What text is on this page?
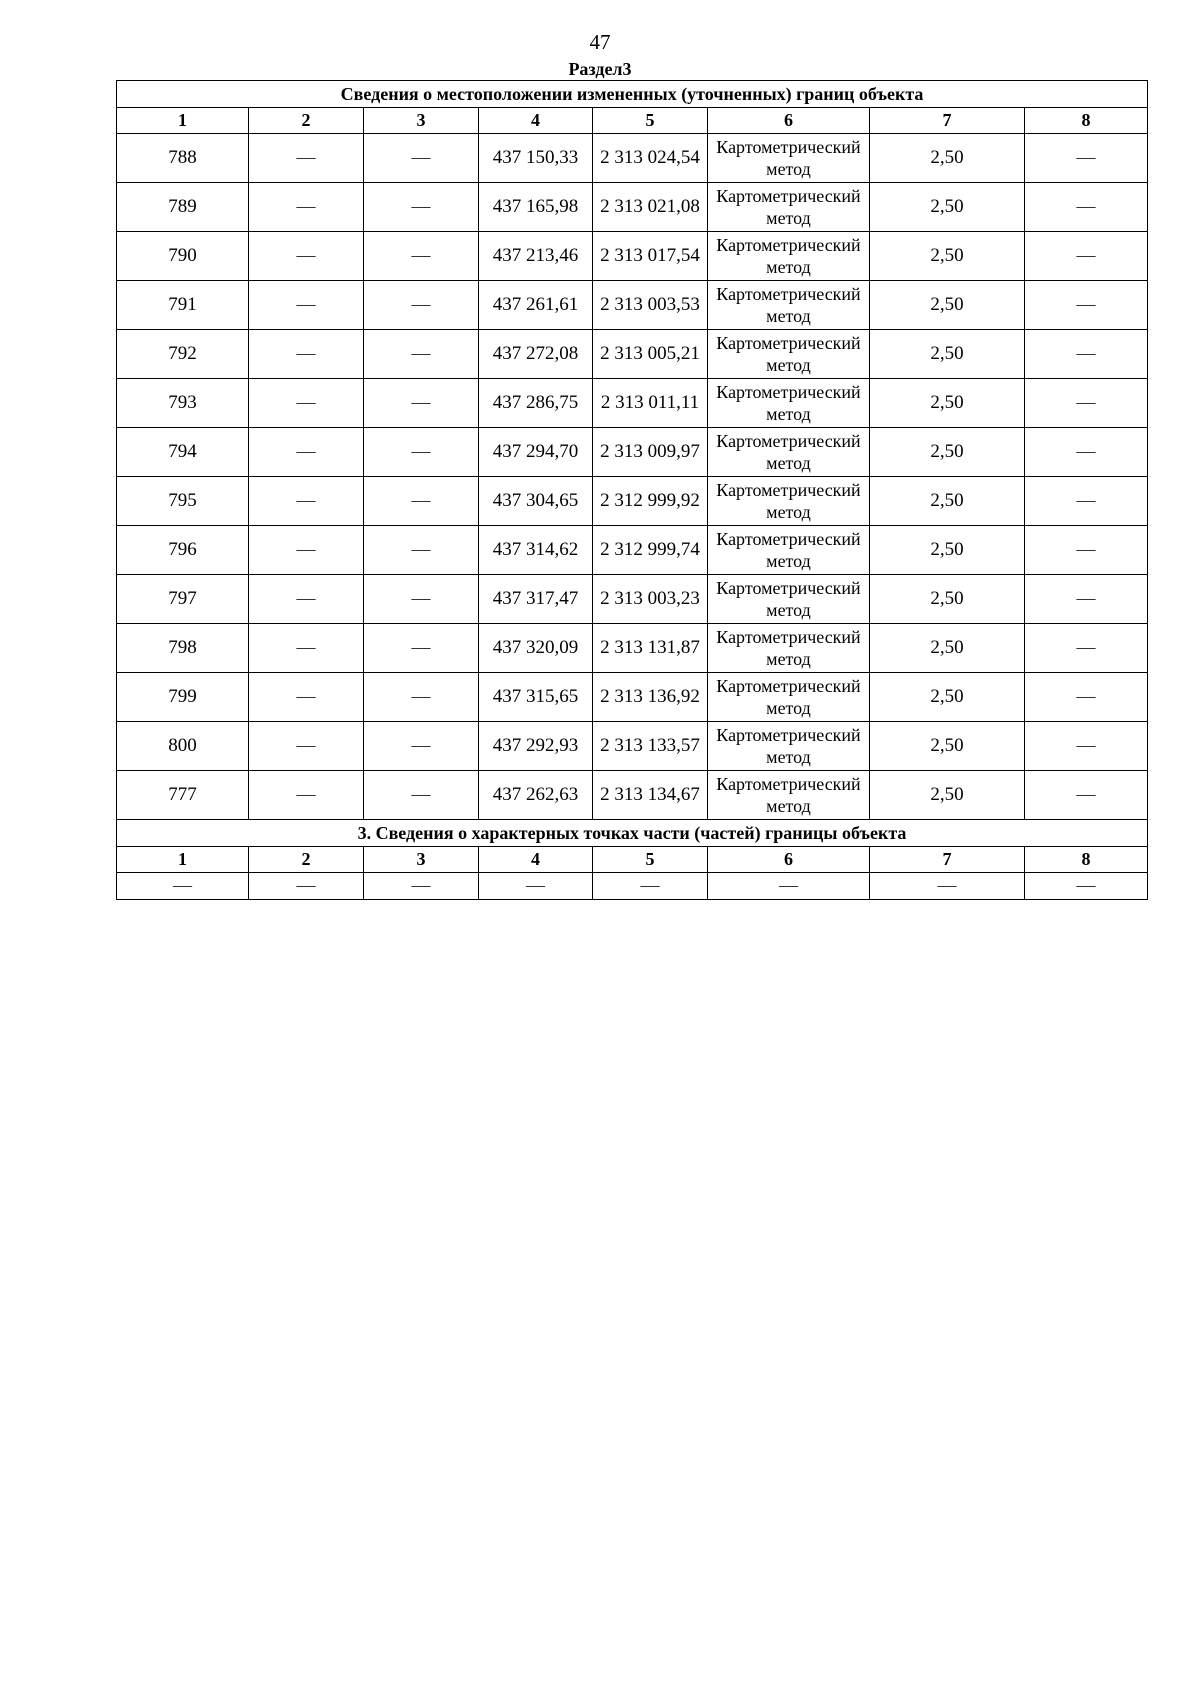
47
Раздел3
Сведения о местоположении измененных (уточненных) границ объекта							
1	2	3	4	5	6	7	8
788	—	—	437 150,33	2 313 024,54	Картометрический метод	2,50	—
789	—	—	437 165,98	2 313 021,08	Картометрический метод	2,50	—
790	—	—	437 213,46	2 313 017,54	Картометрический метод	2,50	—
791	—	—	437 261,61	2 313 003,53	Картометрический метод	2,50	—
792	—	—	437 272,08	2 313 005,21	Картометрический метод	2,50	—
793	—	—	437 286,75	2 313 011,11	Картометрический метод	2,50	—
794	—	—	437 294,70	2 313 009,97	Картометрический метод	2,50	—
795	—	—	437 304,65	2 312 999,92	Картометрический метод	2,50	—
796	—	—	437 314,62	2 312 999,74	Картометрический метод	2,50	—
797	—	—	437 317,47	2 313 003,23	Картометрический метод	2,50	—
798	—	—	437 320,09	2 313 131,87	Картометрический метод	2,50	—
799	—	—	437 315,65	2 313 136,92	Картометрический метод	2,50	—
800	—	—	437 292,93	2 313 133,57	Картометрический метод	2,50	—
777	—	—	437 262,63	2 313 134,67	Картометрический метод	2,50	—
3. Сведения о характерных точках части (частей) границы объекта							
1	2	3	4	5	6	7	8
—	—	—	—	—	—	—	—
